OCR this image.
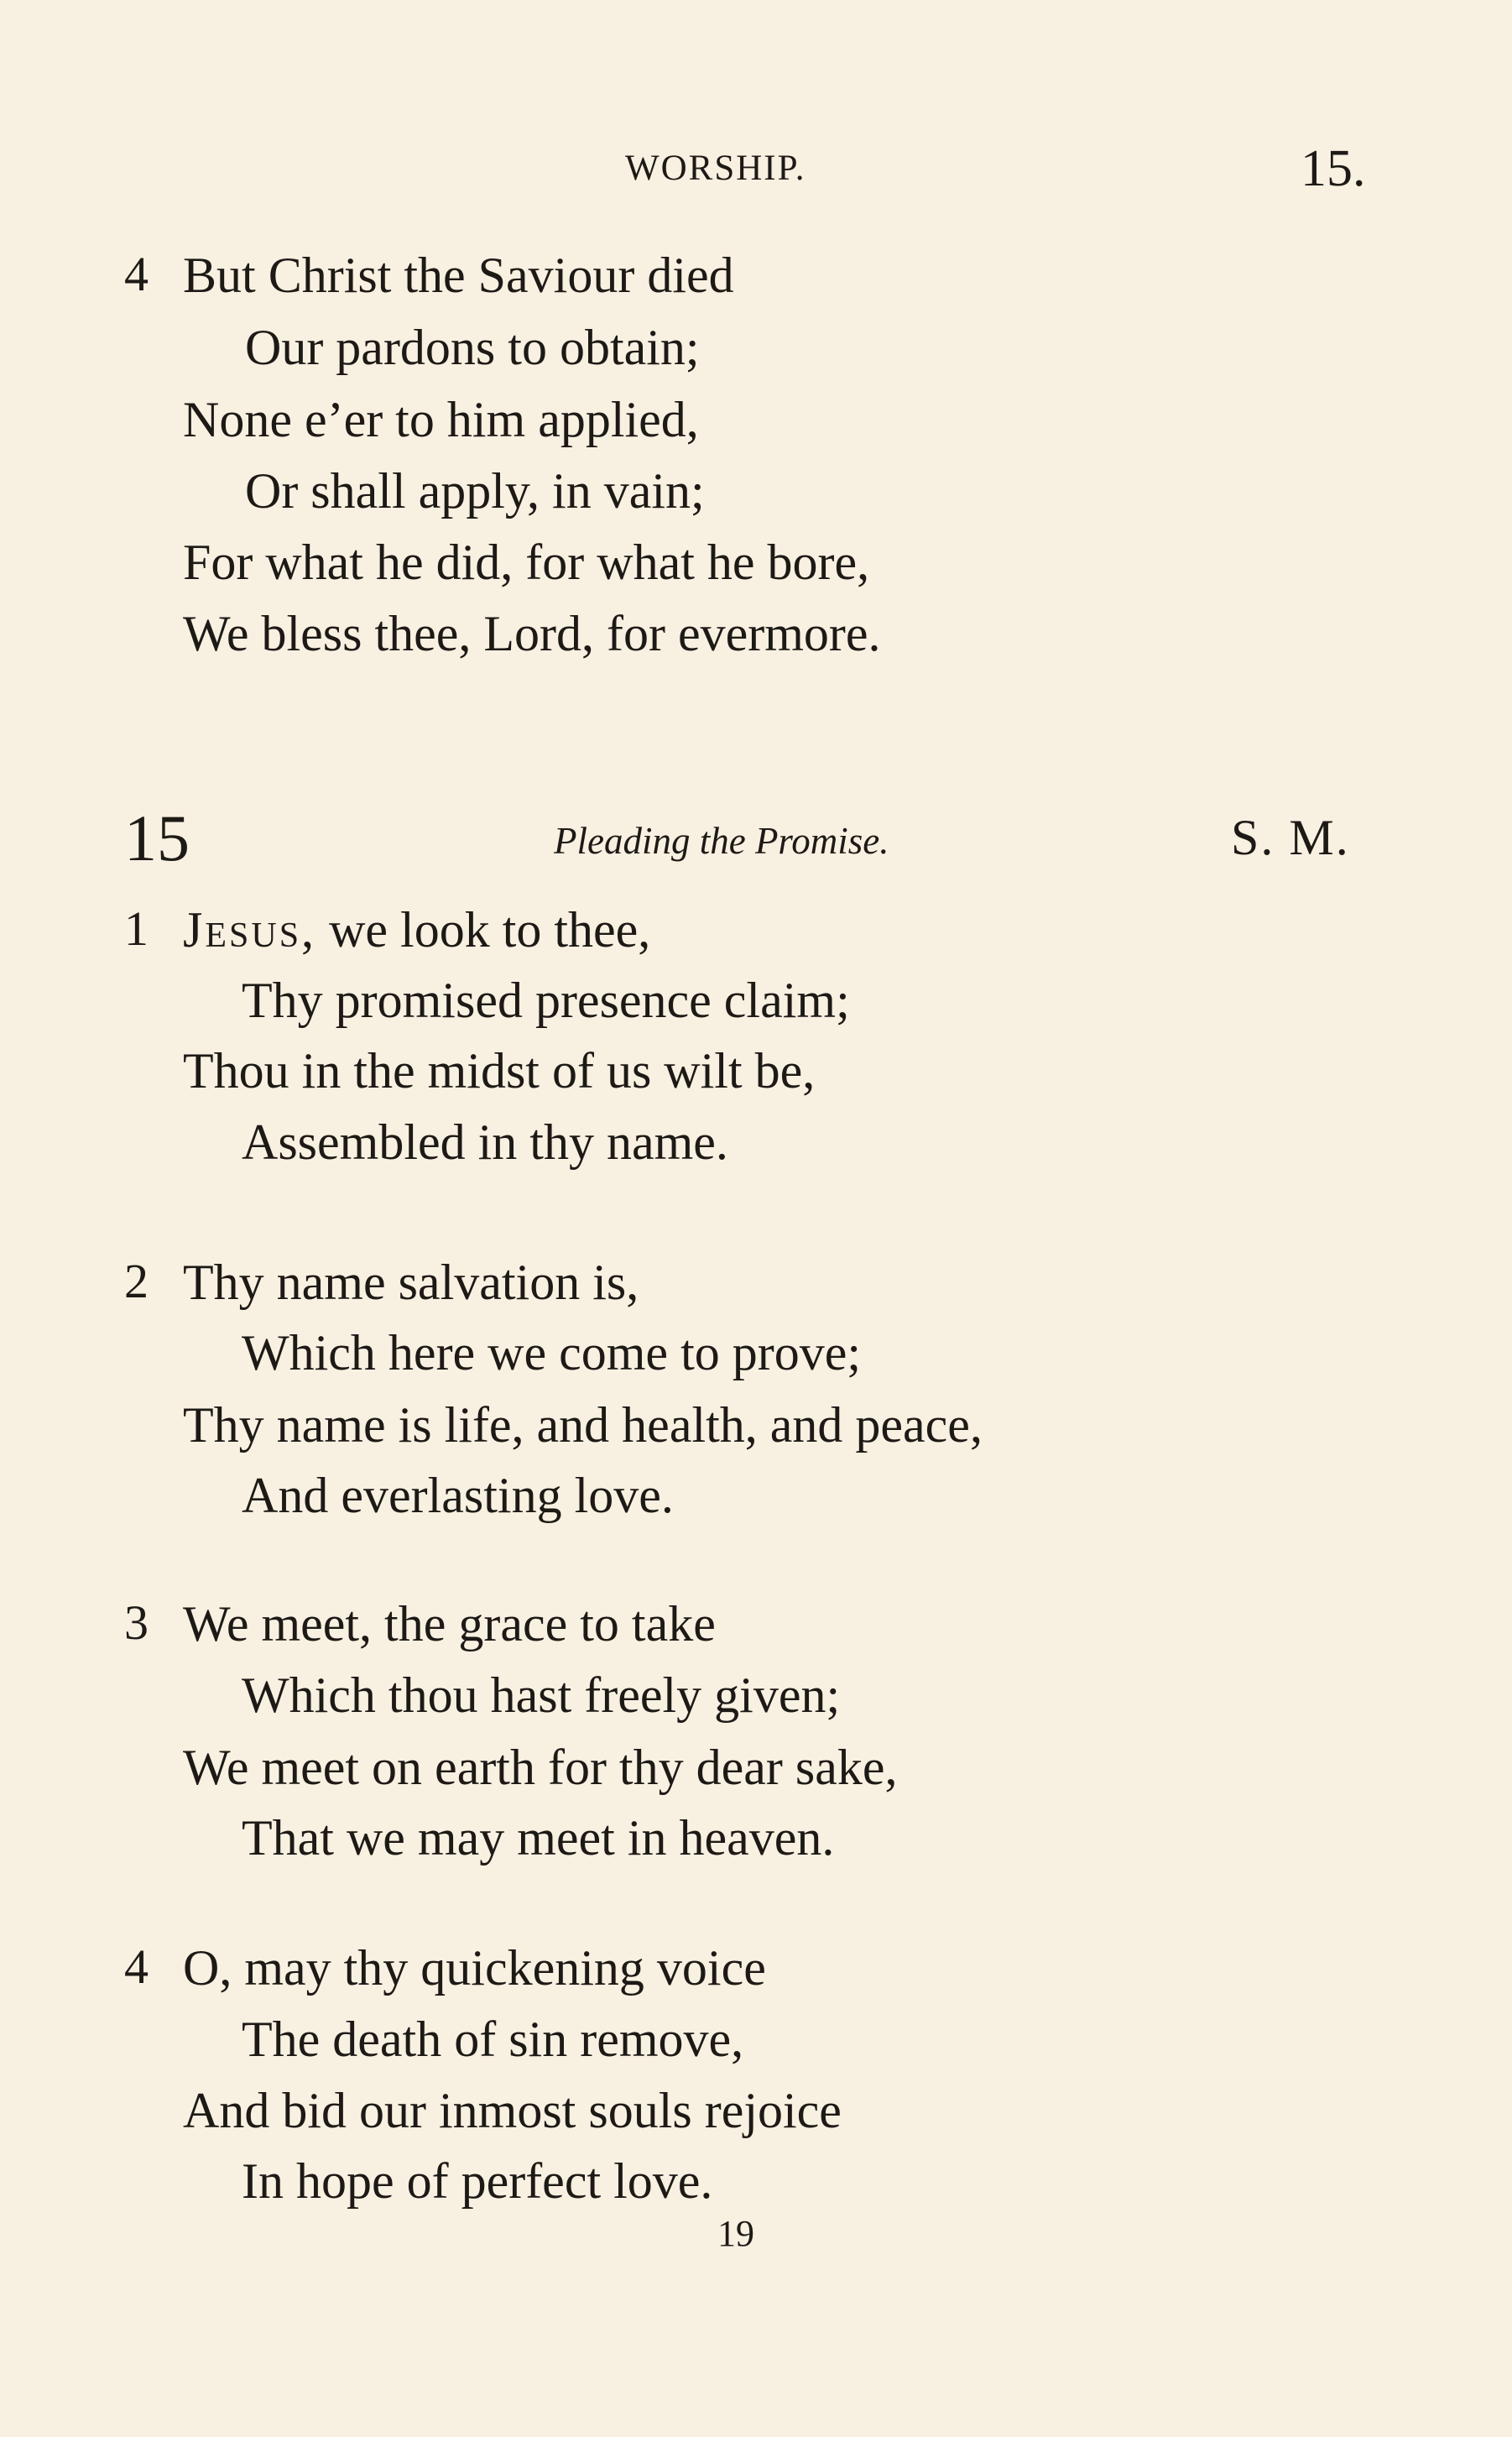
WORSHIP.	15.
4 But Christ the Saviour died
Our pardons to obtain;
None e’er to him applied,
Or shall apply, in vain;
For what he did, for what he bore,
We bless thee, Lord, for evermore.
15	Pleading the Promise.	S. M.
1 Jesus, we look to thee,
Thy promised presence claim;
Thou in the midst of us wilt be,
Assembled in thy name.
2 Thy name salvation is,
Which here we come to prove;
Thy name is life, and health, and peace,
And everlasting love.
3 We meet, the grace to take
Which thou hast freely given;
We meet on earth for thy dear sake,
That we may meet in heaven.
4 O, may thy quickening voice
The death of sin remove,
And bid our inmost souls rejoice
In hope of perfect love.
19
